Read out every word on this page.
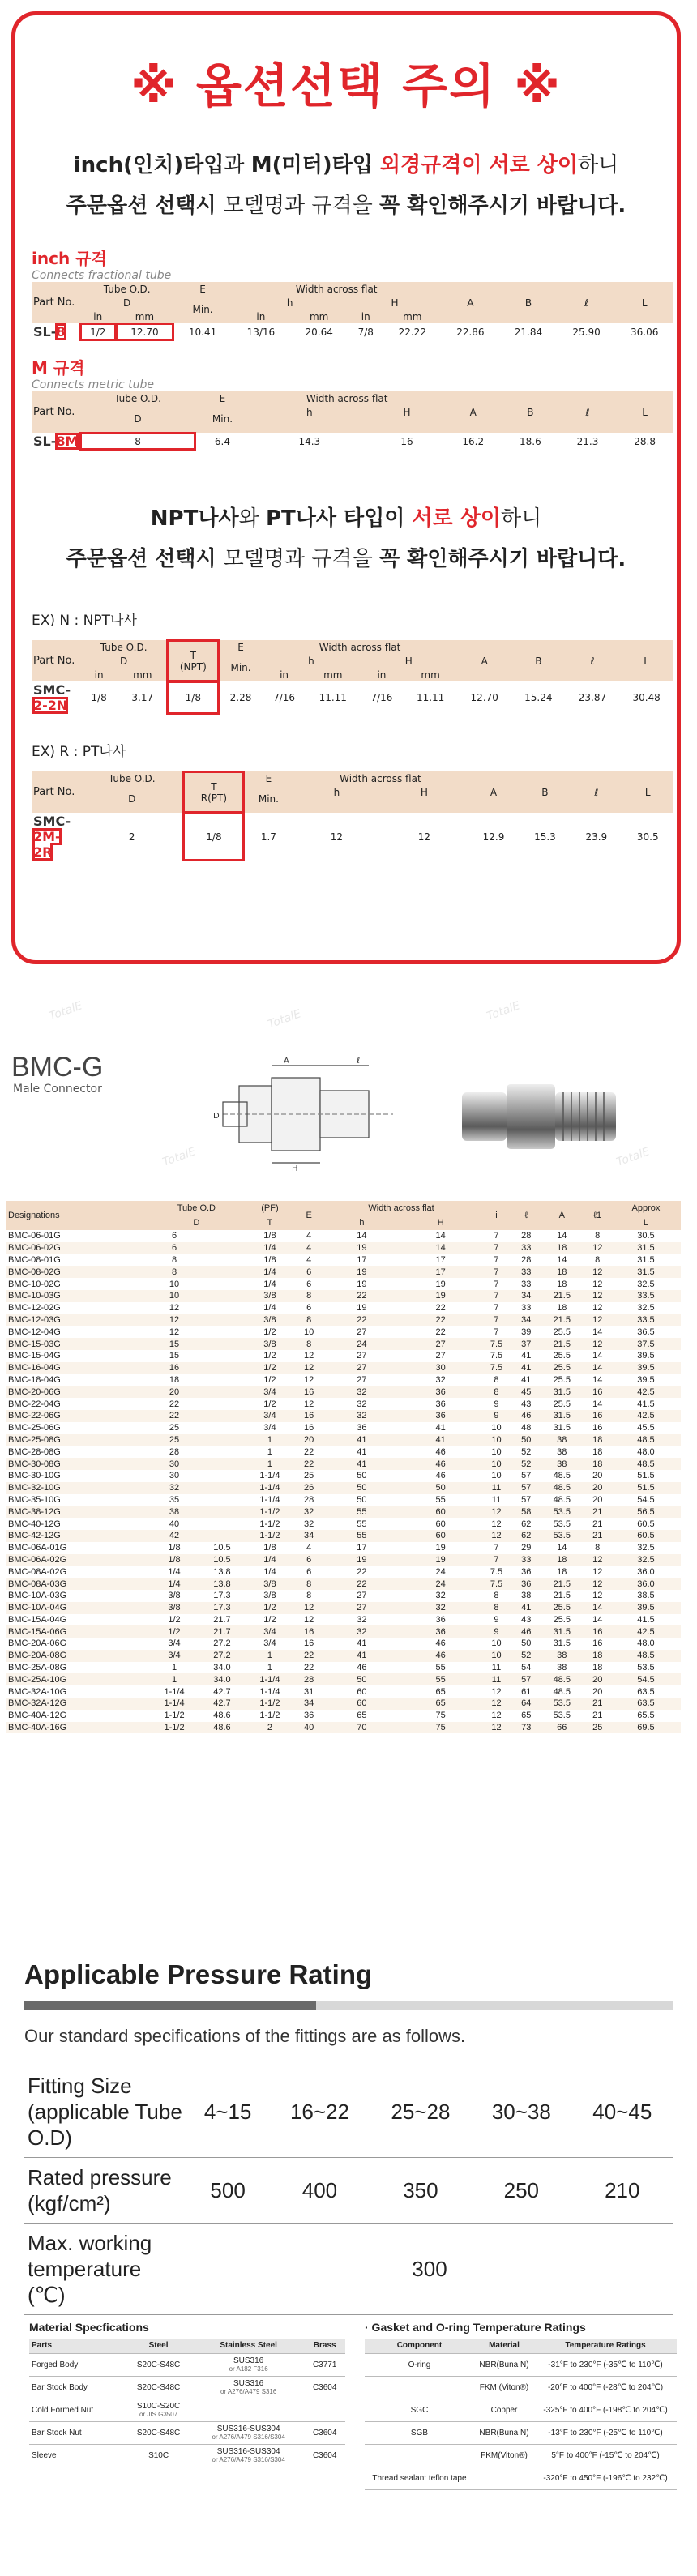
※ 옵션선택 주의 ※
inch(인치)타입과 M(미터)타입 외경규격이 서로 상이하니
주문옵션 선택시 모델명과 규격을 꼭 확인해주시기 바랍니다.
inch 규격
Connects fractional tube
Part No.	Tube O.D.		E	Width across flat				A	B	ℓ	L
	D		Min.	h		H					
	in	mm		in	mm	in	mm				
SL-8	1/2	12.70	10.41	13/16	20.64	7/8	22.22	22.86	21.84	25.90	36.06
M 규격
Connects metric tube
Part No.	Tube O.D.	E	Width across flat		A	B	ℓ	L
	D	Min.	h	H				

SL-8M	8	6.4	14.3	16	16.2	18.6	21.3	28.8
NPT나사와 PT나사 타입이 서로 상이하니
주문옵션 선택시 모델명과 규격을 꼭 확인해주시기 바랍니다.
EX) N : NPT나사
Part No.	Tube O.D.		T
(NPT)	E	Width across flat				A	B	ℓ	L
	D			Min.	h		H					
	in	mm			in	mm	in	mm				
SMC-2-2N	1/8	3.17	1/8	2.28	7/16	11.11	7/16	11.11	12.70	15.24	23.87	30.48
EX) R : PT나사
Part No.	Tube O.D.	T
R(PT)	E	Width across flat		A	B	ℓ	L
	D		Min.	h	H				

SMC-2M-2R	2	1/8	1.7	12	12	12.9	15.3	23.9	30.5
TotalE	TotalE	TotalE
TotalE	TotalE
BMC-G
Male Connector
A	ℓ
D
H
Designations	Tube O.D		(PF)	E	Width across flat		i	ℓ	A	ℓ1	Approx
	D		T		h	H					L
BMC-06-01G	6		1/8	4	14	14	7	28	14	8	30.5
BMC-06-02G	6		1/4	4	19	14	7	33	18	12	31.5
BMC-08-01G	8		1/8	4	17	17	7	28	14	8	31.5
BMC-08-02G	8		1/4	6	19	17	7	33	18	12	31.5
BMC-10-02G	10		1/4	6	19	19	7	33	18	12	32.5
BMC-10-03G	10		3/8	8	22	19	7	34	21.5	12	33.5
BMC-12-02G	12		1/4	6	19	22	7	33	18	12	32.5
BMC-12-03G	12		3/8	8	22	22	7	34	21.5	12	33.5
BMC-12-04G	12		1/2	10	27	22	7	39	25.5	14	36.5
BMC-15-03G	15		3/8	8	24	27	7.5	37	21.5	12	37.5
BMC-15-04G	15		1/2	12	27	27	7.5	41	25.5	14	39.5
BMC-16-04G	16		1/2	12	27	30	7.5	41	25.5	14	39.5
BMC-18-04G	18		1/2	12	27	32	8	41	25.5	14	39.5
BMC-20-06G	20		3/4	16	32	36	8	45	31.5	16	42.5
BMC-22-04G	22		1/2	12	32	36	9	43	25.5	14	41.5
BMC-22-06G	22		3/4	16	32	36	9	46	31.5	16	42.5
BMC-25-06G	25		3/4	16	36	41	10	48	31.5	16	45.5
BMC-25-08G	25		1	20	41	41	10	50	38	18	48.5
BMC-28-08G	28		1	22	41	46	10	52	38	18	48.0
BMC-30-08G	30		1	22	41	46	10	52	38	18	48.5
BMC-30-10G	30		1-1/4	25	50	46	10	57	48.5	20	51.5
BMC-32-10G	32		1-1/4	26	50	50	11	57	48.5	20	51.5
BMC-35-10G	35		1-1/4	28	50	55	11	57	48.5	20	54.5
BMC-38-12G	38		1-1/2	32	55	60	12	58	53.5	21	56.5
BMC-40-12G	40		1-1/2	32	55	60	12	62	53.5	21	60.5
BMC-42-12G	42		1-1/2	34	55	60	12	62	53.5	21	60.5
BMC-06A-01G	1/8	10.5	1/8	4	17	19	7	29	14	8	32.5
BMC-06A-02G	1/8	10.5	1/4	6	19	19	7	33	18	12	32.5
BMC-08A-02G	1/4	13.8	1/4	6	22	24	7.5	36	18	12	36.0
BMC-08A-03G	1/4	13.8	3/8	8	22	24	7.5	36	21.5	12	36.0
BMC-10A-03G	3/8	17.3	3/8	8	27	32	8	38	21.5	12	38.5
BMC-10A-04G	3/8	17.3	1/2	12	27	32	8	41	25.5	14	39.5
BMC-15A-04G	1/2	21.7	1/2	12	32	36	9	43	25.5	14	41.5
BMC-15A-06G	1/2	21.7	3/4	16	32	36	9	46	31.5	16	42.5
BMC-20A-06G	3/4	27.2	3/4	16	41	46	10	50	31.5	16	48.0
BMC-20A-08G	3/4	27.2	1	22	41	46	10	52	38	18	48.5
BMC-25A-08G	1	34.0	1	22	46	55	11	54	38	18	53.5
BMC-25A-10G	1	34.0	1-1/4	28	50	55	11	57	48.5	20	54.5
BMC-32A-10G	1-1/4	42.7	1-1/4	31	60	65	12	61	48.5	20	63.5
BMC-32A-12G	1-1/4	42.7	1-1/2	34	60	65	12	64	53.5	21	63.5
BMC-40A-12G	1-1/2	48.6	1-1/2	36	65	75	12	65	53.5	21	65.5
BMC-40A-16G	1-1/2	48.6	2	40	70	75	12	73	66	25	69.5
Applicable Pressure Rating
Our standard specifications of the fittings are as follows.
Fitting Size (applicable Tube O.D)	4~15	16~22	25~28	30~38	40~45
Rated pressure (kgf/cm²)	500	400	350	250	210
Max. working temperature (℃)	300				
Material Specfications
Parts	Steel	Stainless Steel	Brass
Forged Body	S20C-S48C	SUS316
or A182 F316	C3771
Bar Stock Body	S20C-S48C	SUS316
or A276/A479 S316	C3604
Cold Formed Nut	S10C-S20C
or JIS G3507		

Bar Stock Nut	S20C-S48C	SUS316-SUS304
or A276/A479 S316/S304	C3604
Sleeve	S10C	SUS316-SUS304
or A276/A479 S316/S304	C3604
· Gasket and O-ring Temperature Ratings
Component	Material	Temperature Ratings
O-ring	NBR(Buna N)	-31°F to 230°F (-35℃ to 110℃)
	FKM (Viton®)	-20°F to 400°F (-28℃ to 204℃)
SGC	Copper	-325°F to 400°F (-198℃ to 204℃)
SGB	NBR(Buna N)	-13°F to 230°F (-25℃ to 110℃)
	FKM(Viton®)	5°F to 400°F (-15℃ to 204℃)
Thread sealant teflon tape		-320°F to 450°F (-196℃ to 232℃)
